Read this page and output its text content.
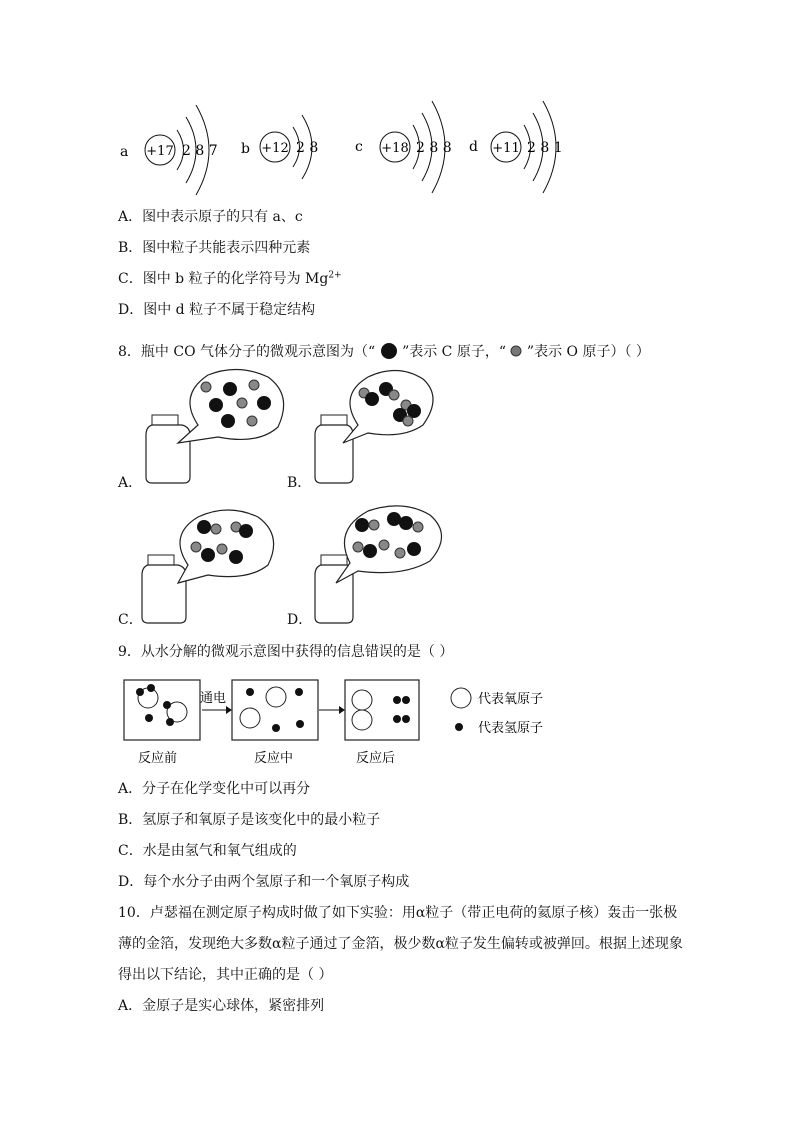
a +17 2 8 7 b +12 2 8	c +18 2 8 8 d +11 2 8 1
A．图中表示原子的只有 a、c
B．图中粒子共能表示四种元素
C．图中 b 粒子的化学符号为 $Mg^{2+}$
D．图中 d 粒子不属于稳定结构
8．瓶中 CO 气体分子的微观示意图为（“ ”表示 C 原子，“ ”表示 O 原子）（ ）
A．	B．
C．	D．
9．从水分解的微观示意图中获得的信息错误的是（ ）
通电
反应前	反应中	反应后
代表氧原子
代表氢原子
A．分子在化学变化中可以再分
B．氢原子和氧原子是该变化中的最小粒子
C．水是由氢气和氧气组成的
D．每个水分子由两个氢原子和一个氧原子构成
10．卢瑟福在测定原子构成时做了如下实验：用α粒子（带正电荷的氦原子核）轰击一张极
薄的金箔，发现绝大多数α粒子通过了金箔，极少数α粒子发生偏转或被弹回。根据上述现象
得出以下结论，其中正确的是（ ）
A．金原子是实心球体，紧密排列
